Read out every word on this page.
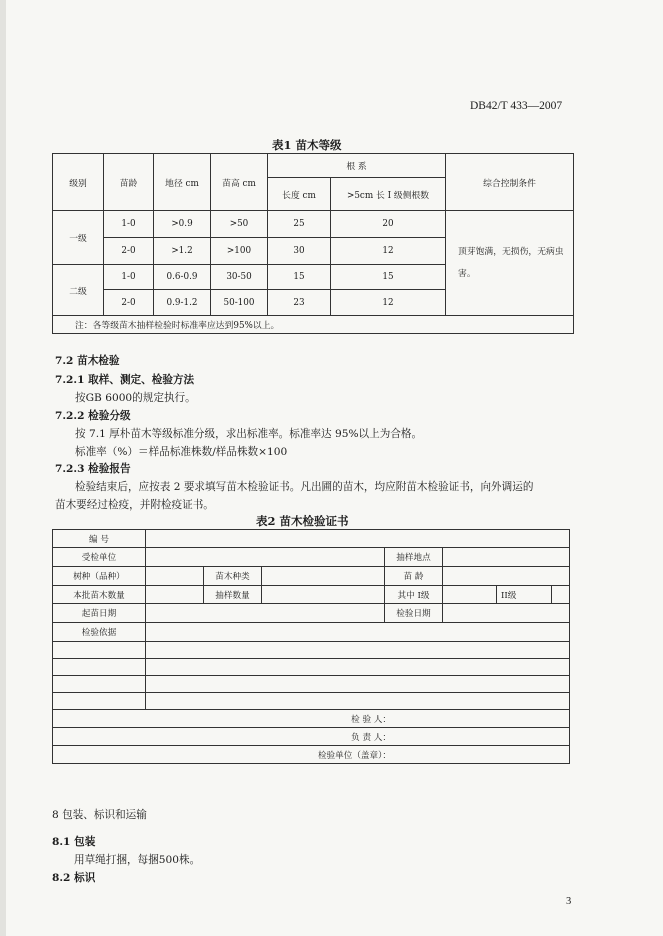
DB42/T 433—2007
表1 苗木等级
级别	苗龄	地径 cm	苗高 cm	根 系		综合控制条件
				长度 cm	>5cm 长 I 级侧根数	
一级	1-0	>0.9	>50	25	20	顶芽饱满，无损伤，无病虫害。
	2-0	>1.2	>100	30	12	
二级	1-0	0.6-0.9	30-50	15	15	
	2-0	0.9-1.2	50-100	23	12	
注：各等级苗木抽样检验时标准率应达到95%以上。						
7.2 苗木检验
7.2.1 取样、测定、检验方法
按GB 6000的规定执行。
7.2.2 检验分级
按 7.1 厚朴苗木等级标准分级，求出标准率。标准率达 95%以上为合格。
标准率（%）＝样品标准株数/样品株数×100
7.2.3 检验报告
检验结束后，应按表 2 要求填写苗木检验证书。凡出圃的苗木，均应附苗木检验证书，向外调运的
苗木要经过检疫，并附检疫证书。
表2 苗木检验证书
编 号							
受检单位				抽样地点			
树种（品种）		苗木种类		苗 龄			
本批苗木数量		抽样数量		其中 I级		II级	
起苗日期				检验日期			
检验依据							

检 验 人：							
负 责 人：							
检验单位（盖章）：							
8 包装、标识和运输
8.1 包装
用草绳打捆，每捆500株。
8.2 标识
3
